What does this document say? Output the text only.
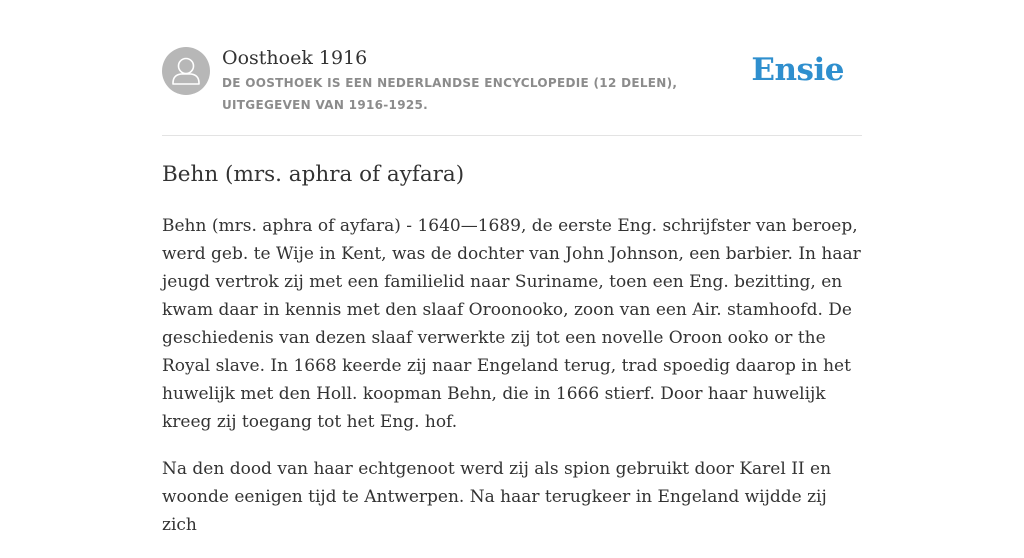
Oosthoek 1916
DE OOSTHOEK IS EEN NEDERLANDSE ENCYCLOPEDIE (12 DELEN), UITGEGEVEN VAN 1916-1925.
Ensie
Behn (mrs. aphra of ayfara)

Behn (mrs. aphra of ayfara) - 1640—1689, de eerste Eng. schrijfster van beroep, werd geb. te Wije in Kent, was de dochter van John Johnson, een barbier. In haar jeugd vertrok zij met een familielid naar Suriname, toen een Eng. bezitting, en kwam daar in kennis met den slaaf Oroonooko, zoon van een Air. stamhoofd. De geschiedenis van dezen slaaf verwerkte zij tot een novelle Oroon ooko or the Royal slave. In 1668 keerde zij naar Engeland terug, trad spoedig daarop in het huwelijk met den Holl. koopman Behn, die in 1666 stierf. Door haar huwelijk kreeg zij toegang tot het Eng. hof.

Na den dood van haar echtgenoot werd zij als spion gebruikt door Karel II en woonde eenigen tijd te Antwerpen. Na haar terugkeer in Engeland wijdde zij zich
